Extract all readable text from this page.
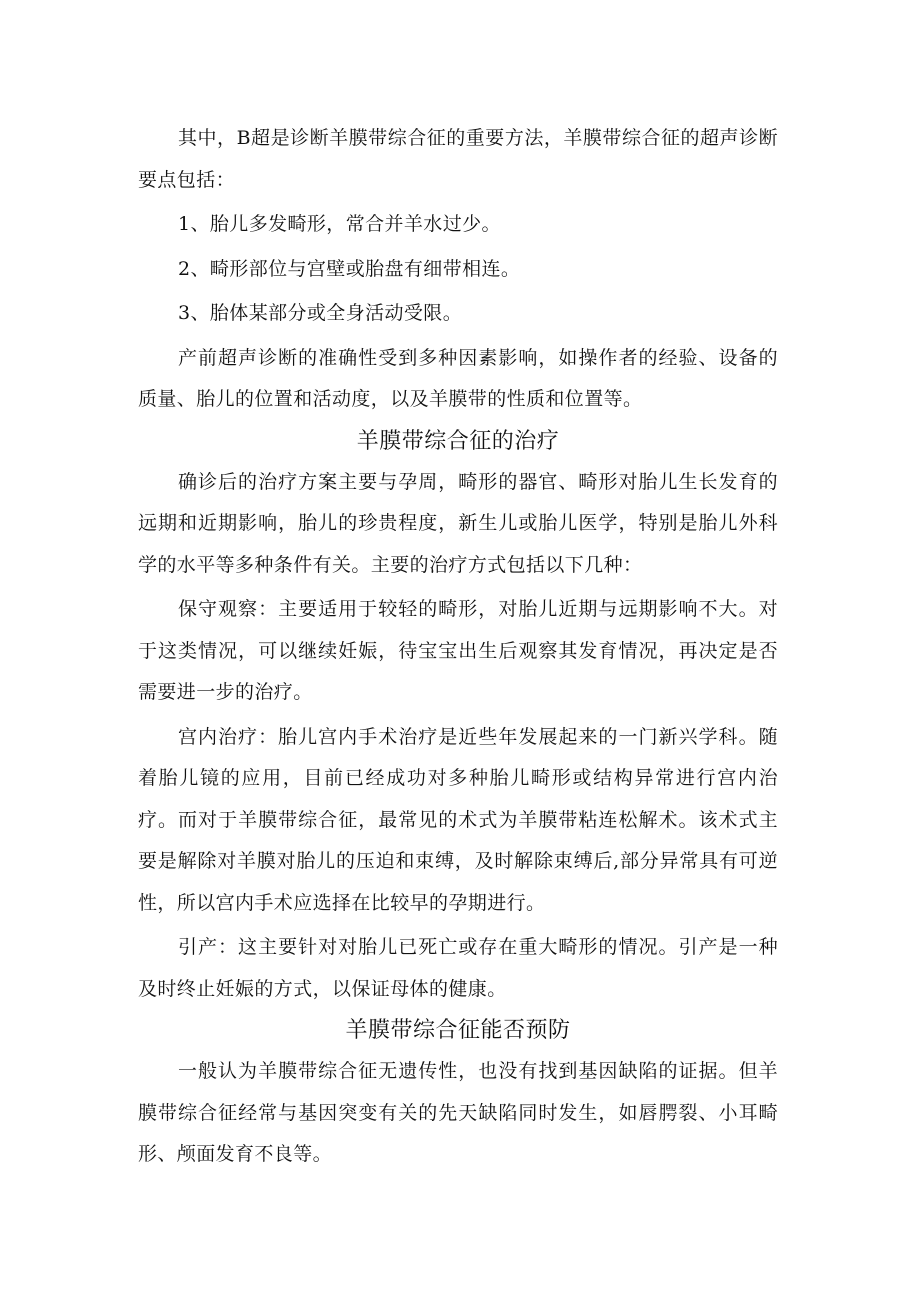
其中，B超是诊断羊膜带综合征的重要方法，羊膜带综合征的超声诊断要点包括：

1、胎儿多发畸形，常合并羊水过少。

2、畸形部位与宫壁或胎盘有细带相连。

3、胎体某部分或全身活动受限。

产前超声诊断的准确性受到多种因素影响，如操作者的经验、设备的质量、胎儿的位置和活动度，以及羊膜带的性质和位置等。

羊膜带综合征的治疗

确诊后的治疗方案主要与孕周，畸形的器官、畸形对胎儿生长发育的远期和近期影响，胎儿的珍贵程度，新生儿或胎儿医学，特别是胎儿外科学的水平等多种条件有关。主要的治疗方式包括以下几种：

保守观察：主要适用于较轻的畸形，对胎儿近期与远期影响不大。对于这类情况，可以继续妊娠，待宝宝出生后观察其发育情况，再决定是否需要进一步的治疗。

宫内治疗：胎儿宫内手术治疗是近些年发展起来的一门新兴学科。随着胎儿镜的应用，目前已经成功对多种胎儿畸形或结构异常进行宫内治疗。而对于羊膜带综合征，最常见的术式为羊膜带粘连松解术。该术式主要是解除对羊膜对胎儿的压迫和束缚，及时解除束缚后,部分异常具有可逆性，所以宫内手术应选择在比较早的孕期进行。

引产：这主要针对对胎儿已死亡或存在重大畸形的情况。引产是一种及时终止妊娠的方式，以保证母体的健康。

羊膜带综合征能否预防

一般认为羊膜带综合征无遗传性，也没有找到基因缺陷的证据。但羊膜带综合征经常与基因突变有关的先天缺陷同时发生，如唇腭裂、小耳畸形、颅面发育不良等。
